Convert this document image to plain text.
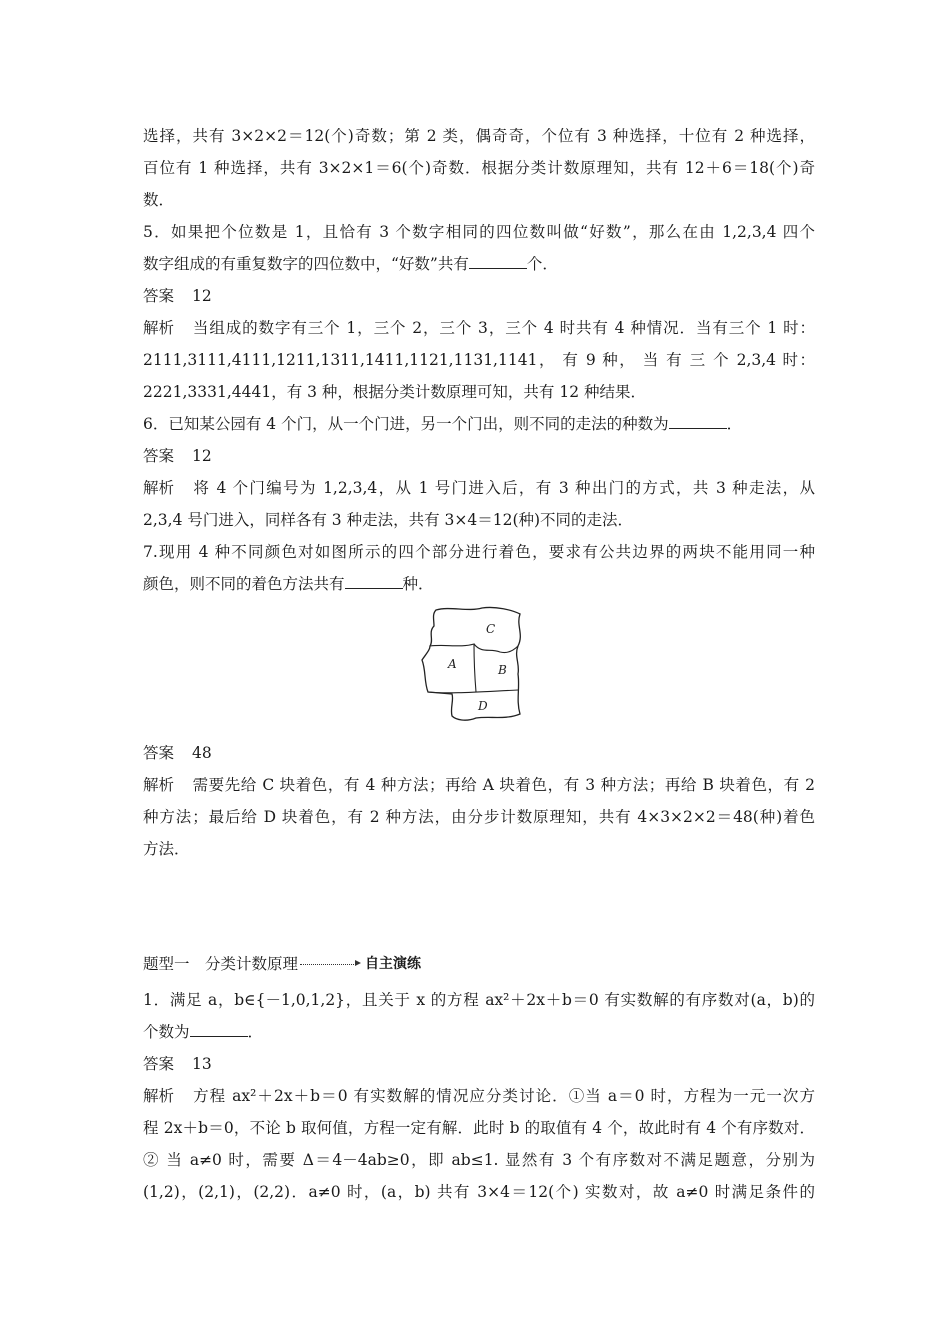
选择，共有 3×2×2＝12(个)奇数；第 2 类，偶奇奇，个位有 3 种选择，十位有 2 种选择，
百位有 1 种选择，共有 3×2×1＝6(个)奇数．根据分类计数原理知，共有 12＋6＝18(个)奇
数．
5．如果把个位数是 1，且恰有 3 个数字相同的四位数叫做“好数”，那么在由 1,2,3,4 四个
数字组成的有重复数字的四位数中，“好数”共有	个．
答案 12
解析 当组成的数字有三个 1，三个 2，三个 3，三个 4 时共有 4 种情况．当有三个 1 时：
2111,3111,4111,1211,1311,1411,1121,1131,1141， 有 9 种， 当 有 三 个 2,3,4 时：
2221,3331,4441，有 3 种，根据分类计数原理可知，共有 12 种结果．
6．已知某公园有 4 个门，从一个门进，另一个门出，则不同的走法的种数为	．
答案 12
解析 将 4 个门编号为 1,2,3,4，从 1 号门进入后，有 3 种出门的方式，共 3 种走法，从
2,3,4 号门进入，同样各有 3 种走法，共有 3×4＝12(种)不同的走法．
7.现用 4 种不同颜色对如图所示的四个部分进行着色，要求有公共边界的两块不能用同一种
颜色，则不同的着色方法共有	种．
C
A	B
D
答案 48
解析 需要先给 C 块着色，有 4 种方法；再给 A 块着色，有 3 种方法；再给 B 块着色，有 2
种方法；最后给 D 块着色，有 2 种方法，由分步计数原理知，共有 4×3×2×2＝48(种)着色
方法．
题型一　分类计数原理	自主演练
1．满足 a，b∈{－1,0,1,2}，且关于 x 的方程 ax²＋2x＋b＝0 有实数解的有序数对(a，b)的
个数为	．
答案 13
解析 方程 ax²＋2x＋b＝0 有实数解的情况应分类讨论．①当 a＝0 时，方程为一元一次方
程 2x＋b＝0，不论 b 取何值，方程一定有解．此时 b 的取值有 4 个，故此时有 4 个有序数对．
② 当 a≠0 时，需要 Δ＝4－4ab≥0，即 ab≤1. 显然有 3 个有序数对不满足题意，分别为
(1,2)，(2,1)，(2,2)．a≠0 时，(a，b) 共有 3×4＝12(个) 实数对，故 a≠0 时满足条件的
